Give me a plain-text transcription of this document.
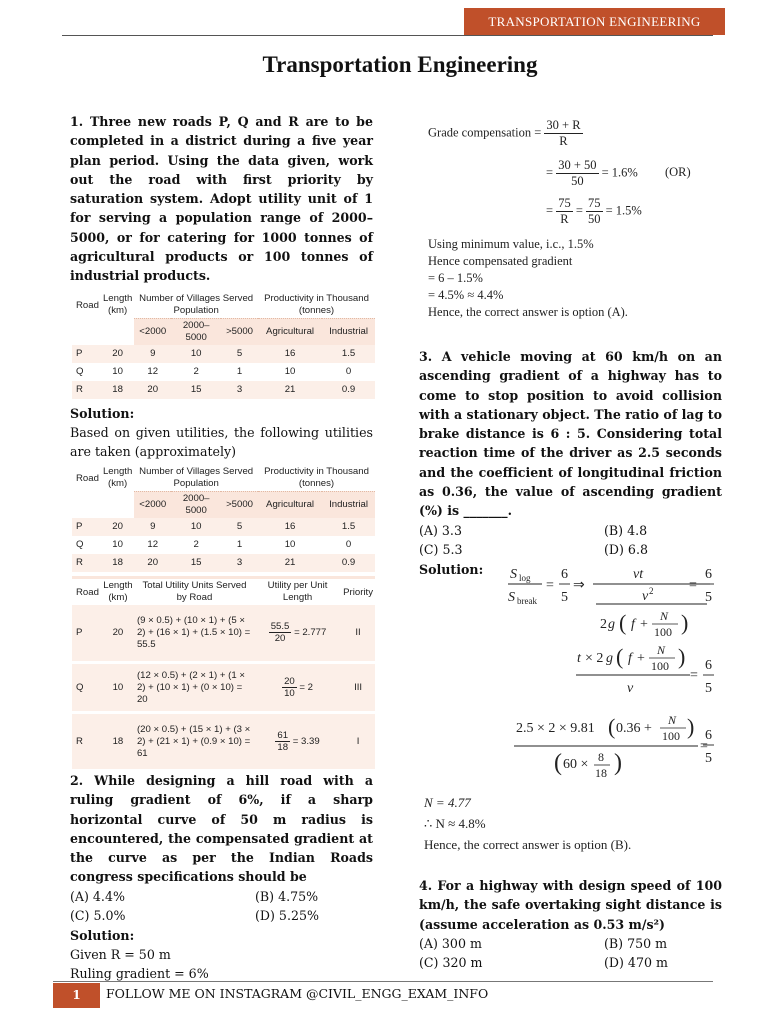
TRANSPORTATION ENGINEERING
Transportation Engineering

1. Three new roads P, Q and R are to be completed in a district during a five year plan period. Using the data given, work out the road with first priority by saturation system. Adopt utility unit of 1 for serving a population range of 2000–5000, or for catering for 1000 tonnes of agricultural products or 100 tonnes of industrial products.

Road	Length (km)	Number of Villages Served Population			Productivity in Thousand (tonnes)	
		<2000	2000–5000	>5000	Agricultural	Industrial
P	20	9	10	5	16	1.5
Q	10	12	2	1	10	0
R	18	20	15	3	21	0.9

Solution:

Based on given utilities, the following utilities are taken (approximately)

Road	Length (km)	Number of Villages Served Population			Productivity in Thousand (tonnes)	
		<2000	2000–5000	>5000	Agricultural	Industrial
P	20	9	10	5	16	1.5
Q	10	12	2	1	10	0
R	18	20	15	3	21	0.9
Road	Length (km)	Total Utility Units Served by Road	Utility per Unit Length	Priority
P	20	(9 × 0.5) + (10 × 1) + (5 × 2) + (16 × 1) + (1.5 × 10) = 55.5	$\frac{55.5}{20} = 2.777$	II
Q	10	(12 × 0.5) + (2 × 1) + (1 × 2) + (10 × 1) + (0 × 10) = 20	$\frac{20}{10} = 2$	III
R	18	(20 × 0.5) + (15 × 1) + (3 × 2) + (21 × 1) + (0.9 × 10) = 61	$\frac{61}{18} = 3.39$	I

2. While designing a hill road with a ruling gradient of 6%, if a sharp horizontal curve of 50 m radius is encountered, the compensated gradient at the curve as per the Indian Roads congress specifications should be

(A) 4.4%	(B) 4.75%
(C) 5.0%	(D) 5.25%

Solution:

Given R = 50 m

Ruling gradient = 6%

Grade compensation = $\frac{30 + R}{R}$
= $\frac{30 + 50}{50} = 1.6\%$ (OR)
= $\frac{75}{R} = \frac{75}{50} = 1.5\%$
Using minimum value, i.c., 1.5%
Hence compensated gradient
= 6 – 1.5%
= 4.5% ≈ 4.4%
Hence, the correct answer is option (A).

3. A vehicle moving at 60 km/h on an ascending gradient of a highway has to come to stop position to avoid collision with a stationary object. The ratio of lag to brake distance is 6 : 5. Considering total reaction time of the driver as 2.5 seconds and the coefficient of longitudinal friction as 0.36, the value of ascending gradient (%) is _______.

(A) 3.3	(B) 4.8
(C) 5.3	(D) 6.8

Solution:	S log
S break
=
6
5
⇒
vt
v 2
2 g ( f +
N
100 )
=
6
5
t × 2 g ( f +
N
100 )
v
=
6
5
2.5 × 2 × 9.81 ( 0.36 +
N
100 )
( 60 × 8
18 )
=
6
5
N = 4.77
∴ N ≈ 4.8%
Hence, the correct answer is option (B).

4. For a highway with design speed of 100 km/h, the safe overtaking sight distance is (assume acceleration as 0.53 m/s²)

(A) 300 m	(B) 750 m
(C) 320 m	(D) 470 m
1	FOLLOW ME ON INSTAGRAM @CIVIL_ENGG_EXAM_INFO
